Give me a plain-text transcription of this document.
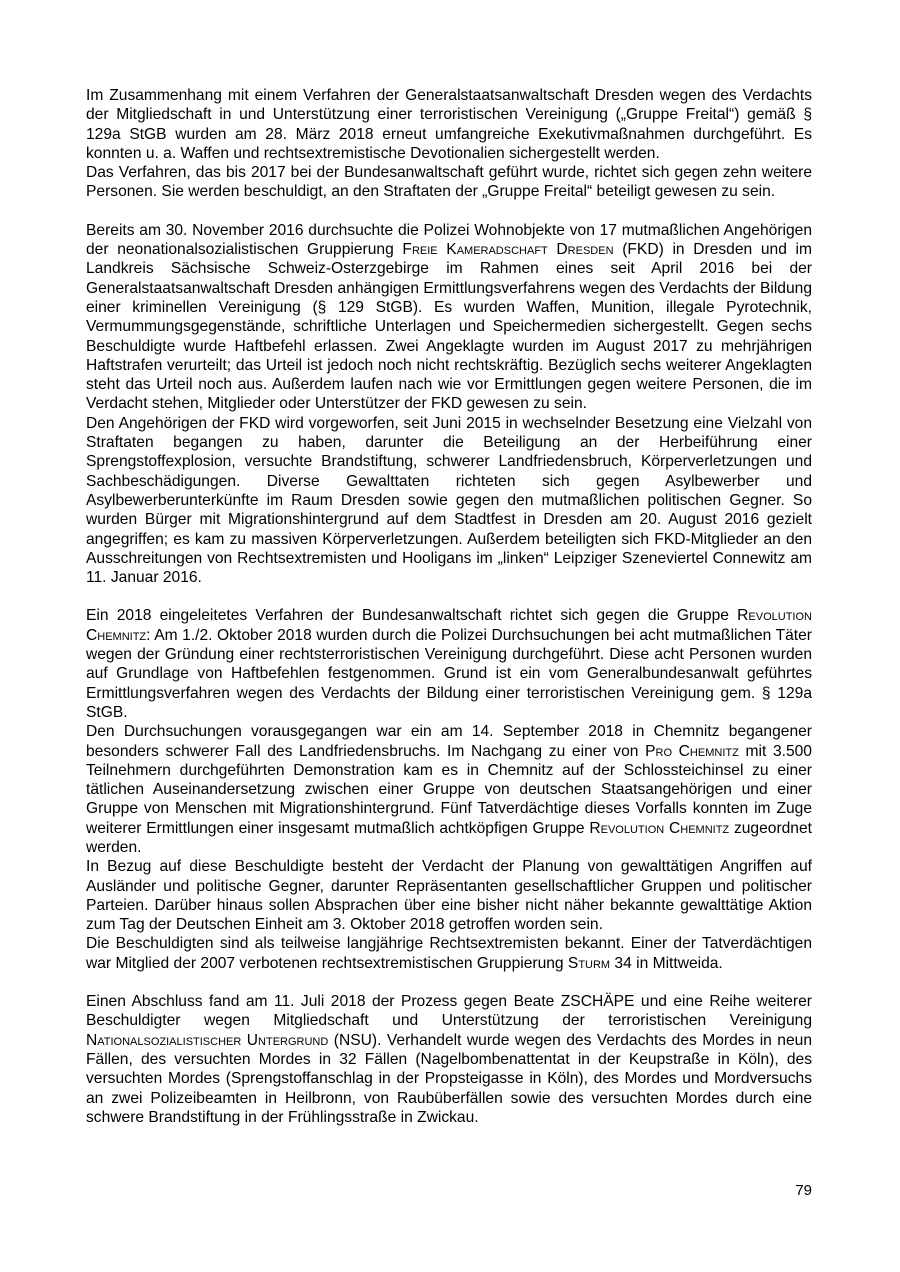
Im Zusammenhang mit einem Verfahren der Generalstaatsanwaltschaft Dresden wegen des Verdachts der Mitgliedschaft in und Unterstützung einer terroristischen Vereinigung („Gruppe Freital“) gemäß § 129a StGB wurden am 28. März 2018 erneut umfangreiche Exekutivmaßnahmen durchgeführt. Es konnten u. a. Waffen und rechtsextremistische Devotionalien sichergestellt werden.

Das Verfahren, das bis 2017 bei der Bundesanwaltschaft geführt wurde, richtet sich gegen zehn weitere Personen. Sie werden beschuldigt, an den Straftaten der „Gruppe Freital“ beteiligt gewesen zu sein.

Bereits am 30. November 2016 durchsuchte die Polizei Wohnobjekte von 17 mutmaßlichen Angehörigen der neonationalsozialistischen Gruppierung Freie Kameradschaft Dresden (FKD) in Dresden und im Landkreis Sächsische Schweiz-Osterzgebirge im Rahmen eines seit April 2016 bei der Generalstaatsanwaltschaft Dresden anhängigen Ermittlungsverfahrens wegen des Verdachts der Bildung einer kriminellen Vereinigung (§ 129 StGB). Es wurden Waffen, Munition, illegale Pyrotechnik, Vermummungsgegenstände, schriftliche Unterlagen und Speichermedien sichergestellt. Gegen sechs Beschuldigte wurde Haftbefehl erlassen. Zwei Angeklagte wurden im August 2017 zu mehrjährigen Haftstrafen verurteilt; das Urteil ist jedoch noch nicht rechtskräftig. Bezüglich sechs weiterer Angeklagten steht das Urteil noch aus. Außerdem laufen nach wie vor Ermittlungen gegen weitere Personen, die im Verdacht stehen, Mitglieder oder Unterstützer der FKD gewesen zu sein.

Den Angehörigen der FKD wird vorgeworfen, seit Juni 2015 in wechselnder Besetzung eine Vielzahl von Straftaten begangen zu haben, darunter die Beteiligung an der Herbeiführung einer Sprengstoffexplosion, versuchte Brandstiftung, schwerer Landfriedensbruch, Körperverletzungen und Sachbeschädigungen. Diverse Gewalttaten richteten sich gegen Asylbewerber und Asylbewerberunterkünfte im Raum Dresden sowie gegen den mutmaßlichen politischen Gegner. So wurden Bürger mit Migrationshintergrund auf dem Stadtfest in Dresden am 20. August 2016 gezielt angegriffen; es kam zu massiven Körperverletzungen. Außerdem beteiligten sich FKD-Mitglieder an den Ausschreitungen von Rechtsextremisten und Hooligans im „linken“ Leipziger Szeneviertel Connewitz am 11. Januar 2016.

Ein 2018 eingeleitetes Verfahren der Bundesanwaltschaft richtet sich gegen die Gruppe Revolution Chemnitz: Am 1./2. Oktober 2018 wurden durch die Polizei Durchsuchungen bei acht mutmaßlichen Täter wegen der Gründung einer rechtsterroristischen Vereinigung durchgeführt. Diese acht Personen wurden auf Grundlage von Haftbefehlen festgenommen. Grund ist ein vom Generalbundesanwalt geführtes Ermittlungsverfahren wegen des Verdachts der Bildung einer terroristischen Vereinigung gem. § 129a StGB.

Den Durchsuchungen vorausgegangen war ein am 14. September 2018 in Chemnitz begangener besonders schwerer Fall des Landfriedensbruchs. Im Nachgang zu einer von Pro Chemnitz mit 3.500 Teilnehmern durchgeführten Demonstration kam es in Chemnitz auf der Schlossteichinsel zu einer tätlichen Auseinandersetzung zwischen einer Gruppe von deutschen Staatsangehörigen und einer Gruppe von Menschen mit Migrationshintergrund. Fünf Tatverdächtige dieses Vorfalls konnten im Zuge weiterer Ermittlungen einer insgesamt mutmaßlich achtköpfigen Gruppe Revolution Chemnitz zugeordnet werden.

In Bezug auf diese Beschuldigte besteht der Verdacht der Planung von gewalttätigen Angriffen auf Ausländer und politische Gegner, darunter Repräsentanten gesellschaftlicher Gruppen und politischer Parteien. Darüber hinaus sollen Absprachen über eine bisher nicht näher bekannte gewalttätige Aktion zum Tag der Deutschen Einheit am 3. Oktober 2018 getroffen worden sein.

Die Beschuldigten sind als teilweise langjährige Rechtsextremisten bekannt. Einer der Tatverdächtigen war Mitglied der 2007 verbotenen rechtsextremistischen Gruppierung Sturm 34 in Mittweida.

Einen Abschluss fand am 11. Juli 2018 der Prozess gegen Beate ZSCHÄPE und eine Reihe weiterer Beschuldigter wegen Mitgliedschaft und Unterstützung der terroristischen Vereinigung Nationalsozialistischer Untergrund (NSU). Verhandelt wurde wegen des Verdachts des Mordes in neun Fällen, des versuchten Mordes in 32 Fällen (Nagelbombenattentat in der Keupstraße in Köln), des versuchten Mordes (Sprengstoffanschlag in der Propsteigasse in Köln), des Mordes und Mordversuchs an zwei Polizeibeamten in Heilbronn, von Raubüberfällen sowie des versuchten Mordes durch eine schwere Brandstiftung in der Frühlingsstraße in Zwickau.

79
